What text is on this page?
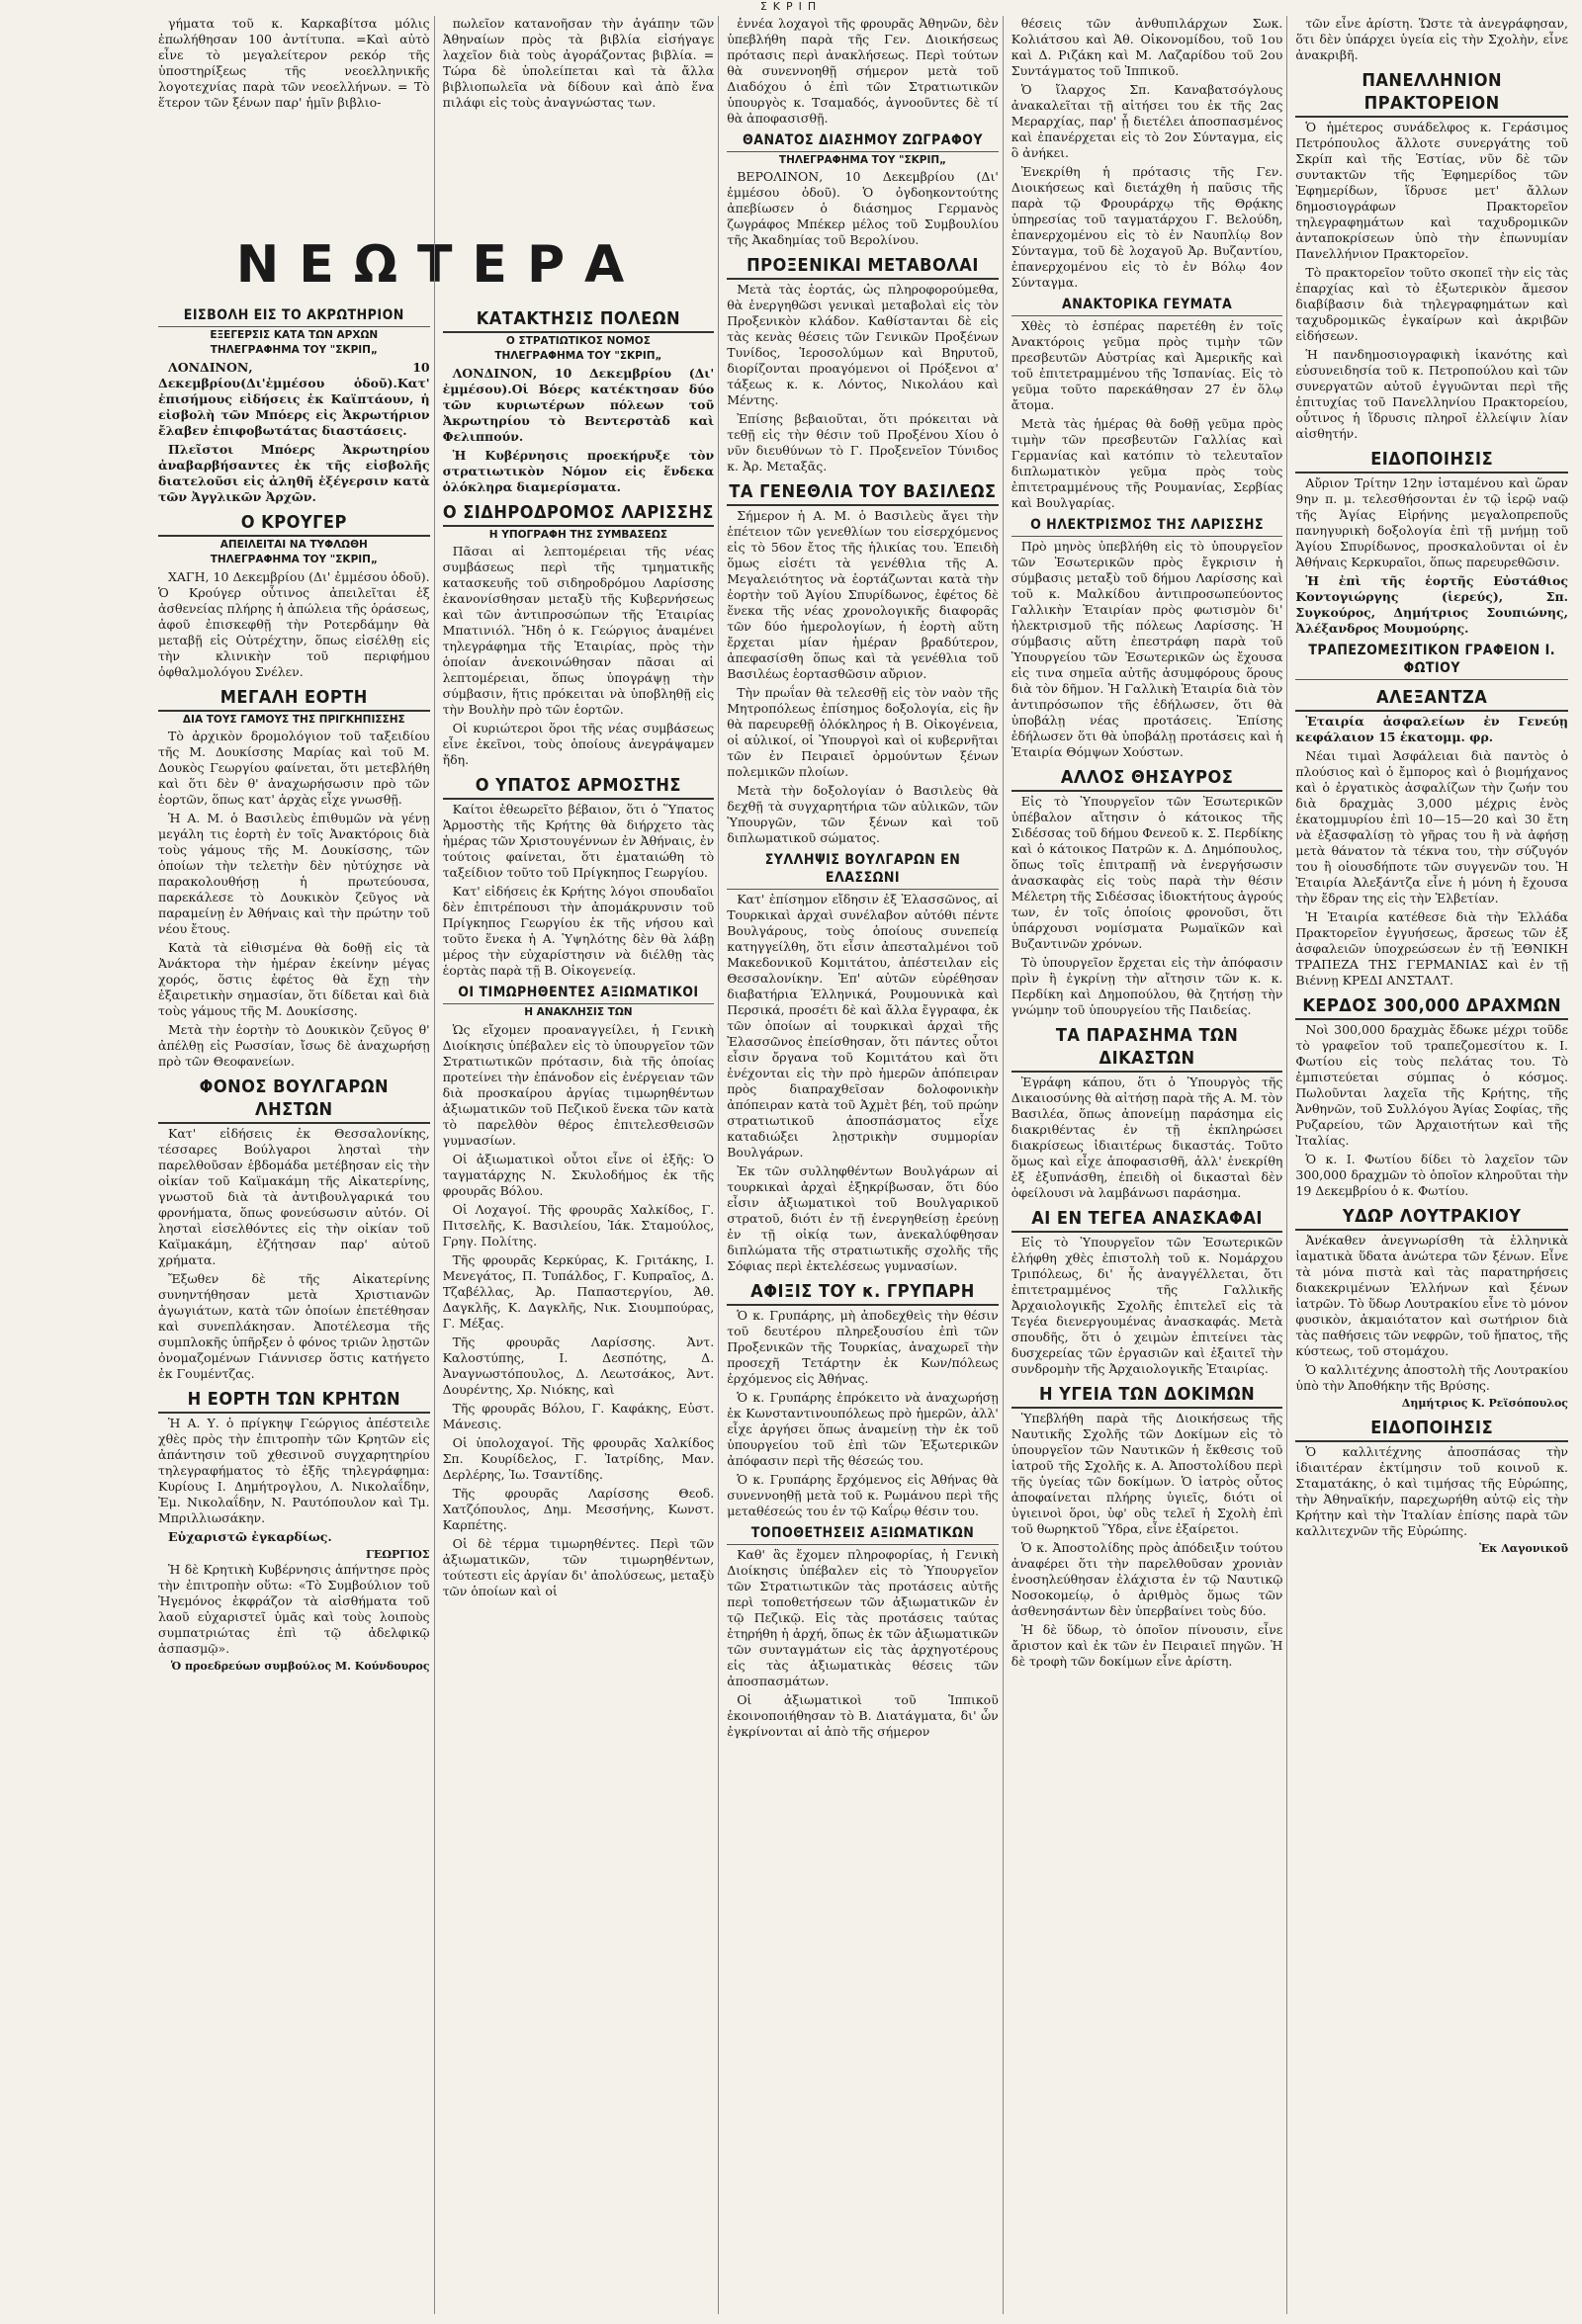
ΣΚΡΙΠ
ΝΕΩΤΕΡΑ

γήματα τοῦ κ. Καρκαβίτσα μόλις ἐπωλήθησαν 100 ἀντίτυπα. =Καὶ αὐτὸ εἶνε τὸ μεγαλείτερον ρεκόρ τῆς ὑποστηρίξεως τῆς νεοελληνικῆς λογοτεχνίας παρὰ τῶν νεοελλήνων. = Τὸ ἕτερον τῶν ξένων παρ' ἡμῖν βιβλιο-

ΕΙΣΒΟΛΗ ΕΙΣ ΤΟ ΑΚΡΩΤΗΡΙΟΝ
ΕΞΕΓΕΡΣΙΣ ΚΑΤΑ ΤΩΝ ΑΡΧΩΝ
ΤΗΛΕΓΡΑΦΗΜΑ ΤΟΥ "ΣΚΡΙΠ„

ΛΟΝΔΙΝΟΝ, 10 Δεκεμβρίου(Δι'ἐμμέσου ὁδοῦ).Κατ' ἐπισήμους εἰδήσεις ἐκ Καϊπτάουν, ἡ εἰσβολὴ τῶν Μπόερς εἰς Ἀκρωτήριον ἔλαβεν ἐπιφοβωτάτας διαστάσεις.

Πλεῖστοι Μπόερς Ἀκρωτηρίου ἀναβαρβήσαντες ἐκ τῆς εἰσβολῆς διατελοῦσι εἰς ἀληθῆ ἐξέγερσιν κατὰ τῶν Ἀγγλικῶν Ἀρχῶν.

Ο ΚΡΟΥΓΕΡ
ΑΠΕΙΛΕΙΤΑΙ ΝΑ ΤΥΦΛΩΘΗ
ΤΗΛΕΓΡΑΦΗΜΑ ΤΟΥ "ΣΚΡΙΠ„

ΧΑΓΗ, 10 Δεκεμβρίου (Δι' ἐμμέσου ὁδοῦ). Ὁ Κρούγερ οὗτινος ἀπειλεῖται ἐξ ἀσθενείας πλήρης ἡ ἀπώλεια τῆς ὁράσεως, ἀφοῦ ἐπισκεφθῇ τὴν Ροτερδάμην θὰ μεταβῇ εἰς Οὐτρέχτην, ὅπως εἰσέλθῃ εἰς τὴν κλινικὴν τοῦ περιφήμου ὀφθαλμολόγου Σνέλεν.

ΜΕΓΑΛΗ ΕΟΡΤΗ
ΔΙΑ ΤΟΥΣ ΓΑΜΟΥΣ ΤΗΣ ΠΡΙΓΚΗΠΙΣΣΗΣ

Τὸ ἀρχικὸν δρομολόγιον τοῦ ταξειδίου τῆς Μ. Δουκίσσης Μαρίας καὶ τοῦ Μ. Δουκὸς Γεωργίου φαίνεται, ὅτι μετεβλήθη καὶ ὅτι δὲν θ' ἀναχωρήσωσιν πρὸ τῶν ἑορτῶν, ὅπως κατ' ἀρχὰς εἶχε γνωσθῇ.

Ἡ Α. Μ. ὁ Βασιλεὺς ἐπιθυμῶν νὰ γένῃ μεγάλη τις ἑορτὴ ἐν τοῖς Ἀνακτόροις διὰ τοὺς γάμους τῆς Μ. Δουκίσσης, τῶν ὁποίων τὴν τελετὴν δὲν ηὐτύχησε νὰ παρακολουθήσῃ ἡ πρωτεύουσα, παρεκάλεσε τὸ Δουκικὸν ζεῦγος νὰ παραμείνῃ ἐν Ἀθήναις καὶ τὴν πρώτην τοῦ νέου ἔτους.

Κατὰ τὰ εἰθισμένα θὰ δοθῇ εἰς τὰ Ἀνάκτορα τὴν ἡμέραν ἐκείνην μέγας χορός, ὅστις ἐφέτος θὰ ἔχῃ τὴν ἐξαιρετικὴν σημασίαν, ὅτι δίδεται καὶ διὰ τοὺς γάμους τῆς Μ. Δουκίσσης.

Μετὰ τὴν ἑορτὴν τὸ Δουκικὸν ζεῦγος θ' ἀπέλθῃ εἰς Ρωσσίαν, ἴσως δὲ ἀναχωρήσῃ πρὸ τῶν Θεοφανείων.

ΦΟΝΟΣ ΒΟΥΛΓΑΡΩΝ ΛΗΣΤΩΝ

Κατ' εἰδήσεις ἐκ Θεσσαλονίκης, τέσσαρες Βούλγαροι λησταὶ τὴν παρελθοῦσαν ἑβδομάδα μετέβησαν εἰς τὴν οἰκίαν τοῦ Καϊμακάμη τῆς Αἰκατερίνης, γνωστοῦ διὰ τὰ ἀντιβουλγαρικά του φρονήματα, ὅπως φονεύσωσιν αὐτόν. Οἱ λησταὶ εἰσελθόντες εἰς τὴν οἰκίαν τοῦ Καϊμακάμη, ἐζήτησαν παρ' αὐτοῦ χρήματα.

Ἔξωθεν δὲ τῆς Αἰκατερίνης συνηντήθησαν μετὰ Χριστιανῶν ἀγωγιάτων, κατὰ τῶν ὁποίων ἐπετέθησαν καὶ συνεπλάκησαν. Ἀποτέλεσμα τῆς συμπλοκῆς ὑπῆρξεν ὁ φόνος τριῶν λῃστῶν ὀνομαζομένων Γιάννισερ ὅστις κατήγετο ἐκ Γουμέντζας.

Η ΕΟΡΤΗ ΤΩΝ ΚΡΗΤΩΝ

Ἡ Α. Υ. ὁ πρίγκηψ Γεώργιος ἀπέστειλε χθὲς πρὸς τὴν ἐπιτροπὴν τῶν Κρητῶν εἰς ἀπάντησιν τοῦ χθεσινοῦ συγχαρητηρίου τηλεγραφήματος τὸ ἑξῆς τηλεγράφημα: Κυρίους Ι. Δημήτρογλου, Λ. Νικολαΐδην, Ἐμ. Νικολαΐδην, Ν. Ραυτόπουλον καὶ Τμ. Μπριλλιωσάκην.

Εὐχαριστῶ ἐγκαρδίως.

ΓΕΩΡΓΙΟΣ

Ἡ δὲ Κρητικὴ Κυβέρνησις ἀπήντησε πρὸς τὴν ἐπιτροπὴν οὕτω: «Τὸ Συμβούλιον τοῦ Ἡγεμόνος ἐκφράζον τὰ αἰσθήματα τοῦ λαοῦ εὐχαριστεῖ ὑμᾶς καὶ τοὺς λοιποὺς συμπατριώτας ἐπὶ τῷ ἀδελφικῷ ἀσπασμῷ».

Ὁ προεδρεύων συμβούλος Μ. Κούνδουρος

πωλεῖον κατανοῆσαν τὴν ἀγάπην τῶν Ἀθηναίων πρὸς τὰ βιβλία εἰσήγαγε λαχεῖον διὰ τοὺς ἀγοράζοντας βιβλία. = Τώρα δὲ ὑπολείπεται καὶ τὰ ἄλλα βιβλιοπωλεῖα νὰ δίδουν καὶ ἀπὸ ἕνα πιλάφι εἰς τοὺς ἀναγνώστας των.

ΚΑΤΑΚΤΗΣΙΣ ΠΟΛΕΩΝ
Ο ΣΤΡΑΤΙΩΤΙΚΟΣ ΝΟΜΟΣ
ΤΗΛΕΓΡΑΦΗΜΑ ΤΟΥ "ΣΚΡΙΠ„

ΛΟΝΔΙΝΟΝ, 10 Δεκεμβρίου (Δι' ἐμμέσου).Οἱ Βόερς κατέκτησαν δύο τῶν κυριωτέρων πόλεων τοῦ Ἀκρωτηρίου τὸ Βεντερστὰδ καὶ Φελιππούν.

Ἡ Κυβέρνησις προεκήρυξε τὸν στρατιωτικὸν Νόμον εἰς ἕνδεκα ὁλόκληρα διαμερίσματα.

Ο ΣΙΔΗΡΟΔΡΟΜΟΣ ΛΑΡΙΣΣΗΣ
Η ΥΠΟΓΡΑΦΗ ΤΗΣ ΣΥΜΒΑΣΕΩΣ

Πᾶσαι αἱ λεπτομέρειαι τῆς νέας συμβάσεως περὶ τῆς τμηματικῆς κατασκευῆς τοῦ σιδηροδρόμου Λαρίσσης ἐκανονίσθησαν μεταξὺ τῆς Κυβερνήσεως καὶ τῶν ἀντιπροσώπων τῆς Ἑταιρίας Μπατινιόλ. Ἤδη ὁ κ. Γεώργιος ἀναμένει τηλεγράφημα τῆς Ἑταιρίας, πρὸς τὴν ὁποίαν ἀνεκοινώθησαν πᾶσαι αἱ λεπτομέρειαι, ὅπως ὑπογράψῃ τὴν σύμβασιν, ἥτις πρόκειται νὰ ὑποβληθῇ εἰς τὴν Βουλὴν πρὸ τῶν ἑορτῶν.

Οἱ κυριώτεροι ὅροι τῆς νέας συμβάσεως εἶνε ἐκεῖνοι, τοὺς ὁποίους ἀνεγράψαμεν ἤδη.

Ο ΥΠΑΤΟΣ ΑΡΜΟΣΤΗΣ

Καίτοι ἐθεωρεῖτο βέβαιον, ὅτι ὁ Ὕπατος Ἁρμοστὴς τῆς Κρήτης θὰ διήρχετο τὰς ἡμέρας τῶν Χριστουγέννων ἐν Ἀθήναις, ἐν τούτοις φαίνεται, ὅτι ἐματαιώθη τὸ ταξείδιον τοῦτο τοῦ Πρίγκηπος Γεωργίου.

Κατ' εἰδήσεις ἐκ Κρήτης λόγοι σπουδαῖοι δὲν ἐπιτρέπουσι τὴν ἀπομάκρυνσιν τοῦ Πρίγκηπος Γεωργίου ἐκ τῆς νήσου καὶ τοῦτο ἕνεκα ἡ Α. Ὑψηλότης δὲν θὰ λάβῃ μέρος τὴν εὐχαρίστησιν νὰ διέλθῃ τὰς ἑορτὰς παρὰ τῇ Β. Οἰκογενείᾳ.

ΟΙ ΤΙΜΩΡΗΘΕΝΤΕΣ ΑΞΙΩΜΑΤΙΚΟΙ
Η ΑΝΑΚΛΗΣΙΣ ΤΩΝ

Ὡς εἴχομεν προαναγγείλει, ἡ Γενικὴ Διοίκησις ὑπέβαλεν εἰς τὸ ὑπουργεῖον τῶν Στρατιωτικῶν πρότασιν, διὰ τῆς ὁποίας προτείνει τὴν ἐπάνοδον εἰς ἐνέργειαν τῶν διὰ προσκαίρου ἀργίας τιμωρηθέντων ἀξιωματικῶν τοῦ Πεζικοῦ ἕνεκα τῶν κατὰ τὸ παρελθὸν θέρος ἐπιτελεσθεισῶν γυμνασίων.

Οἱ ἀξιωματικοὶ οὗτοι εἶνε οἱ ἑξῆς: Ὁ ταγματάρχης Ν. Σκυλοδήμος ἐκ τῆς φρουρᾶς Βόλου.

Οἱ Λοχαγοί. Τῆς φρουρᾶς Χαλκίδος, Γ. Πιτσελῆς, Κ. Βασιλείου, Ἰάκ. Σταμούλος, Γρηγ. Πολίτης.

Τῆς φρουρᾶς Κερκύρας, Κ. Γριτάκης, Ι. Μενεγάτος, Π. Τυπάλδος, Γ. Κυπραῖος, Δ. Τζαβέλλας, Ἀρ. Παπαστεργίου, Ἀθ. Δαγκλῆς, Κ. Δαγκλῆς, Νικ. Σιουμπούρας, Γ. Μέξας.

Τῆς φρουρᾶς Λαρίσσης. Ἀντ. Καλοστύπης, Ι. Δεσπότης, Δ. Ἀναγνωστόπουλος, Δ. Λεωτσάκος, Ἀντ. Δουρέντης, Χρ. Νιόκης, καὶ

Τῆς φρουρᾶς Βόλου, Γ. Καφάκης, Εὐστ. Μάνεσις.

Οἱ ὑπολοχαγοί. Τῆς φρουρᾶς Χαλκίδος Σπ. Κουρίδελος, Γ. Ἰατρίδης, Μαν. Δερλέρης, Ἰω. Τσαντίδης.

Τῆς φρουρᾶς Λαρίσσης Θεοδ. Χατζόπουλος, Δημ. Μεσσήνης, Κωνστ. Καρπέτης.

Οἱ δὲ τέρμα τιμωρηθέντες. Περὶ τῶν ἀξιωματικῶν, τῶν τιμωρηθέντων, τούτεστι εἰς ἀργίαν δι' ἀπολύσεως, μεταξὺ τῶν ὁποίων καὶ οἱ

ἐννέα λοχαγοὶ τῆς φρουρᾶς Ἀθηνῶν, δὲν ὑπεβλήθη παρὰ τῆς Γεν. Διοικήσεως πρότασις περὶ ἀνακλήσεως. Περὶ τούτων θὰ συνεννοηθῇ σήμερον μετὰ τοῦ Διαδόχου ὁ ἐπὶ τῶν Στρατιωτικῶν ὑπουργὸς κ. Τσαμαδός, ἀγνοοῦντες δὲ τί θὰ ἀποφασισθῇ.

ΘΑΝΑΤΟΣ ΔΙΑΣΗΜΟΥ ΖΩΓΡΑΦΟΥ
ΤΗΛΕΓΡΑΦΗΜΑ ΤΟΥ "ΣΚΡΙΠ„

ΒΕΡΟΛΙΝΟΝ, 10 Δεκεμβρίου (Δι' ἐμμέσου ὁδοῦ). Ὁ ὀγδοηκοντούτης ἀπεβίωσεν ὁ διάσημος Γερμανὸς ζωγράφος Μπέκερ μέλος τοῦ Συμβουλίου τῆς Ἀκαδημίας τοῦ Βερολίνου.

ΠΡΟΞΕΝΙΚΑΙ ΜΕΤΑΒΟΛΑΙ

Μετὰ τὰς ἑορτάς, ὡς πληροφορούμεθα, θὰ ἐνεργηθῶσι γενικαὶ μεταβολαὶ εἰς τὸν Προξενικὸν κλάδον. Καθίστανται δὲ εἰς τὰς κενὰς θέσεις τῶν Γενικῶν Προξένων Τυνίδος, Ἱεροσολύμων καὶ Βηρυτοῦ, διορίζονται προαγόμενοι οἱ Πρόξενοι α' τάξεως κ. κ. Λόντος, Νικολάου καὶ Μέντης.

Ἐπίσης βεβαιοῦται, ὅτι πρόκειται νὰ τεθῇ εἰς τὴν θέσιν τοῦ Προξένου Χίου ὁ νῦν διευθύνων τὸ Γ. Προξενεῖον Τύνιδος κ. Ἀρ. Μεταξᾶς.

ΤΑ ΓΕΝΕΘΛΙΑ ΤΟΥ ΒΑΣΙΛΕΩΣ

Σήμερον ἡ Α. Μ. ὁ Βασιλεὺς ἄγει τὴν ἑπέτειον τῶν γενεθλίων του εἰσερχόμενος εἰς τὸ 56ον ἔτος τῆς ἡλικίας του. Ἐπειδὴ ὅμως εἰσέτι τὰ γενέθλια τῆς Α. Μεγαλειότητος νὰ ἑορτάζωνται κατὰ τὴν ἑορτὴν τοῦ Ἁγίου Σπυρίδωνος, ἐφέτος δὲ ἕνεκα τῆς νέας χρονολογικῆς διαφορᾶς τῶν δύο ἡμερολογίων, ἡ ἑορτὴ αὕτη ἔρχεται μίαν ἡμέραν βραδύτερον, ἀπεφασίσθη ὅπως καὶ τὰ γενέθλια τοῦ Βασιλέως ἑορτασθῶσιν αὔριον.

Τὴν πρωΐαν θὰ τελεσθῇ εἰς τὸν ναὸν τῆς Μητροπόλεως ἐπίσημος δοξολογία, εἰς ἣν θὰ παρευρεθῇ ὁλόκληρος ἡ Β. Οἰκογένεια, οἱ αὐλικοί, οἱ Ὑπουργοὶ καὶ οἱ κυβερνῆται τῶν ἐν Πειραιεῖ ὁρμούντων ξένων πολεμικῶν πλοίων.

Μετὰ τὴν δοξολογίαν ὁ Βασιλεὺς θὰ δεχθῇ τὰ συγχαρητήρια τῶν αὐλικῶν, τῶν Ὑπουργῶν, τῶν ξένων καὶ τοῦ διπλωματικοῦ σώματος.

ΣΥΛΛΗΨΙΣ ΒΟΥΛΓΑΡΩΝ ΕΝ ΕΛΑΣΣΩΝΙ

Κατ' ἐπίσημον εἴδησιν ἐξ Ἐλασσῶνος, αἱ Τουρκικαὶ ἀρχαὶ συνέλαβον αὐτόθι πέντε Βουλγάρους, τοὺς ὁποίους συνεπείᾳ κατηγγείλθη, ὅτι εἶσιν ἀπεσταλμένοι τοῦ Μακεδονικοῦ Κομιτάτου, ἀπέστειλαν εἰς Θεσσαλονίκην. Ἐπ' αὐτῶν εὑρέθησαν διαβατήρια Ἑλληνικά, Ρουμουνικὰ καὶ Περσικά, προσέτι δὲ καὶ ἄλλα ἔγγραφα, ἐκ τῶν ὁποίων αἱ τουρκικαὶ ἀρχαὶ τῆς Ἐλασσῶνος ἐπείσθησαν, ὅτι πάντες οὗτοι εἶσιν ὄργανα τοῦ Κομιτάτου καὶ ὅτι ἐνέχονται εἰς τὴν πρὸ ἡμερῶν ἀπόπειραν πρὸς διαπραχθεῖσαν δολοφονικὴν ἀπόπειραν κατὰ τοῦ Ἀχμὲτ βέη, τοῦ πρώην στρατιωτικοῦ ἀποσπάσματος εἶχε καταδιώξει λῃστρικὴν συμμορίαν Βουλγάρων.

Ἐκ τῶν συλληφθέντων Βουλγάρων αἱ τουρκικαὶ ἀρχαὶ ἐξηκρίβωσαν, ὅτι δύο εἶσιν ἀξιωματικοὶ τοῦ Βουλγαρικοῦ στρατοῦ, διότι ἐν τῇ ἐνεργηθείσῃ ἐρεύνῃ ἐν τῇ οἰκίᾳ των, ἀνεκαλύφθησαν διπλώματα τῆς στρατιωτικῆς σχολῆς τῆς Σόφιας περὶ ἐκτελέσεως γυμνασίων.

ΑΦΙΞΙΣ ΤΟΥ κ. ΓΡΥΠΑΡΗ

Ὁ κ. Γρυπάρης, μὴ ἀποδεχθεὶς τὴν θέσιν τοῦ δευτέρου πληρεξουσίου ἐπὶ τῶν Προξενικῶν τῆς Τουρκίας, ἀναχωρεῖ τὴν προσεχῆ Τετάρτην ἐκ Κων/πόλεως ἐρχόμενος εἰς Ἀθήνας.

Ὁ κ. Γρυπάρης ἐπρόκειτο νὰ ἀναχωρήσῃ ἐκ Κωνσταντινουπόλεως πρὸ ἡμερῶν, ἀλλ' εἶχε ἀργήσει ὅπως ἀναμείνῃ τὴν ἐκ τοῦ ὑπουργείου τοῦ ἐπὶ τῶν Ἐξωτερικῶν ἀπόφασιν περὶ τῆς θέσεώς του.

Ὁ κ. Γρυπάρης ἔρχόμενος εἰς Ἀθήνας θὰ συνεννοηθῇ μετὰ τοῦ κ. Ρωμάνου περὶ τῆς μεταθέσεώς του ἐν τῷ Καΐρῳ θέσιν του.

ΤΟΠΟΘΕΤΗΣΕΙΣ ΑΞΙΩΜΑΤΙΚΩΝ

Καθ' ἃς ἔχομεν πληροφορίας, ἡ Γενικὴ Διοίκησις ὑπέβαλεν εἰς τὸ Ὑπουργεῖον τῶν Στρατιωτικῶν τὰς προτάσεις αὐτῆς περὶ τοποθετήσεων τῶν ἀξιωματικῶν ἐν τῷ Πεζικῷ. Εἰς τὰς προτάσεις ταύτας ἐτηρήθη ἡ ἀρχή, ὅπως ἐκ τῶν ἀξιωματικῶν τῶν συνταγμάτων εἰς τὰς ἀρχηγοτέρους εἰς τὰς ἀξιωματικὰς θέσεις τῶν ἀποσπασμάτων.

Οἱ ἀξιωματικοὶ τοῦ Ἱππικοῦ ἐκοινοποιήθησαν τὸ Β. Διατάγματα, δι' ὧν ἐγκρίνονται αἱ ἀπὸ τῆς σήμερον

θέσεις τῶν ἀνθυπιλάρχων Σωκ. Κολιάτσου καὶ Ἀθ. Οἰκονομίδου, τοῦ 1ου καὶ Δ. Ριζάκη καὶ Μ. Λαζαρίδου τοῦ 2ου Συντάγματος τοῦ Ἱππικοῦ.

Ὁ ἴλαρχος Σπ. Καναβατσόγλους ἀνακαλεῖται τῇ αἰτήσει του ἐκ τῆς 2ας Μεραρχίας, παρ' ᾗ διετέλει ἀποσπασμένος καὶ ἐπανέρχεται εἰς τὸ 2ον Σύνταγμα, εἰς ὃ ἀνήκει.

Ἐνεκρίθη ἡ πρότασις τῆς Γεν. Διοικήσεως καὶ διετάχθη ἡ παῦσις τῆς παρὰ τῷ Φρουράρχῳ τῆς Θρᾴκης ὑπηρεσίας τοῦ ταγματάρχου Γ. Βελούδη, ἐπανερχομένου εἰς τὸ ἐν Ναυπλίῳ 8ον Σύνταγμα, τοῦ δὲ λοχαγοῦ Ἀρ. Βυζαντίου, ἐπανερχομένου εἰς τὸ ἐν Βόλῳ 4ον Σύνταγμα.

ΑΝΑΚΤΟΡΙΚΑ ΓΕΥΜΑΤΑ

Χθὲς τὸ ἑσπέρας παρετέθη ἐν τοῖς Ἀνακτόροις γεῦμα πρὸς τιμὴν τῶν πρεσβευτῶν Αὐστρίας καὶ Ἀμερικῆς καὶ τοῦ ἐπιτετραμμένου τῆς Ἰσπανίας. Εἰς τὸ γεῦμα τοῦτο παρεκάθησαν 27 ἐν ὅλῳ ἄτομα.

Μετὰ τὰς ἡμέρας θὰ δοθῇ γεῦμα πρὸς τιμὴν τῶν πρεσβευτῶν Γαλλίας καὶ Γερμανίας καὶ κατόπιν τὸ τελευταῖον διπλωματικὸν γεῦμα πρὸς τοὺς ἐπιτετραμμένους τῆς Ρουμανίας, Σερβίας καὶ Βουλγαρίας.

Ο ΗΛΕΚΤΡΙΣΜΟΣ ΤΗΣ ΛΑΡΙΣΣΗΣ

Πρὸ μηνὸς ὑπεβλήθη εἰς τὸ ὑπουργεῖον τῶν Ἐσωτερικῶν πρὸς ἔγκρισιν ἡ σύμβασις μεταξὺ τοῦ δήμου Λαρίσσης καὶ τοῦ κ. Μαλκίδου ἀντιπροσωπεύοντος Γαλλικὴν Ἑταιρίαν πρὸς φωτισμὸν δι' ἠλεκτρισμοῦ τῆς πόλεως Λαρίσσης. Ἡ σύμβασις αὕτη ἐπεστράφη παρὰ τοῦ Ὑπουργείου τῶν Ἐσωτερικῶν ὡς ἔχουσα εἰς τινα σημεῖα αὐτῆς ἀσυμφόρους ὅρους διὰ τὸν δῆμον. Ἡ Γαλλικὴ Ἑταιρία διὰ τὸν ἀντιπρόσωπον τῆς ἐδήλωσεν, ὅτι θὰ ὑποβάλῃ νέας προτάσεις. Ἐπίσης ἐδήλωσεν ὅτι θὰ ὑποβάλῃ προτάσεις καὶ ἡ Ἑταιρία Θόμψων Χούστων.

ΑΛΛΟΣ ΘΗΣΑΥΡΟΣ

Εἰς τὸ Ὑπουργεῖον τῶν Ἐσωτερικῶν ὑπέβαλον αἴτησιν ὁ κάτοικος τῆς Σιδέσσας τοῦ δήμου Φενεοῦ κ. Σ. Περδίκης καὶ ὁ κάτοικος Πατρῶν κ. Δ. Δημόπουλος, ὅπως τοῖς ἐπιτραπῇ νὰ ἐνεργήσωσιν ἀνασκαφὰς εἰς τοὺς παρὰ τὴν θέσιν Μέλετρη τῆς Σιδέσσας ἰδιοκτήτους ἀγρούς των, ἐν τοῖς ὁποίοις φρονοῦσι, ὅτι ὑπάρχουσι νομίσματα Ρωμαϊκῶν καὶ Βυζαντινῶν χρόνων.

Τὸ ὑπουργεῖον ἔρχεται εἰς τὴν ἀπόφασιν πρὶν ἢ ἐγκρίνῃ τὴν αἴτησιν τῶν κ. κ. Περδίκη καὶ Δημοπούλου, θὰ ζητήσῃ τὴν γνώμην τοῦ ὑπουργείου τῆς Παιδείας.

ΤΑ ΠΑΡΑΣΗΜΑ ΤΩΝ ΔΙΚΑΣΤΩΝ

Ἐγράφη κάπου, ὅτι ὁ Ὑπουργὸς τῆς Δικαιοσύνης θὰ αἰτήσῃ παρὰ τῆς Α. Μ. τὸν Βασιλέα, ὅπως ἀπονείμῃ παράσημα εἰς διακριθέντας ἐν τῇ ἐκπληρώσει διακρίσεως ἰδιαιτέρως δικαστάς. Τοῦτο ὅμως καὶ εἶχε ἀποφασισθῆ, ἀλλ' ἐνεκρίθη ἐξ ἐξυπνάσθη, ἐπειδὴ οἱ δικασταὶ δὲν ὀφείλουσι νὰ λαμβάνωσι παράσημα.

ΑΙ ΕΝ ΤΕΓΕΑ ΑΝΑΣΚΑΦΑΙ

Εἰς τὸ Ὑπουργεῖον τῶν Ἐσωτερικῶν ἐλήφθη χθὲς ἐπιστολὴ τοῦ κ. Νομάρχου Τριπόλεως, δι' ἧς ἀναγγέλλεται, ὅτι ἐπιτετραμμένος τῆς Γαλλικῆς Ἀρχαιολογικῆς Σχολῆς ἐπιτελεῖ εἰς τὰ Τεγέα διενεργουμένας ἀνασκαφάς. Μετὰ σπουδῆς, ὅτι ὁ χειμὼν ἐπιτείνει τὰς δυσχερείας τῶν ἐργασιῶν καὶ ἐξαιτεῖ τὴν συνδρομὴν τῆς Ἀρχαιολογικῆς Ἑταιρίας.

Η ΥΓΕΙΑ ΤΩΝ ΔΟΚΙΜΩΝ

Ὑπεβλήθη παρὰ τῆς Διοικήσεως τῆς Ναυτικῆς Σχολῆς τῶν Δοκίμων εἰς τὸ ὑπουργεῖον τῶν Ναυτικῶν ἡ ἔκθεσις τοῦ ἰατροῦ τῆς Σχολῆς κ. Α. Ἀποστολίδου περὶ τῆς ὑγείας τῶν δοκίμων. Ὁ ἰατρὸς οὗτος ἀποφαίνεται πλήρης ὑγιεῖς, διότι οἱ ὑγιεινοὶ ὅροι, ὑφ' οὓς τελεῖ ἡ Σχολὴ ἐπὶ τοῦ θωρηκτοῦ Ὕδρα, εἶνε ἐξαίρετοι.

Ὁ κ. Ἀποστολίδης πρὸς ἀπόδειξιν τούτου ἀναφέρει ὅτι τὴν παρελθοῦσαν χρονιὰν ἐνοσηλεύθησαν ἐλάχιστα ἐν τῷ Ναυτικῷ Νοσοκομείῳ, ὁ ἀριθμὸς ὅμως τῶν ἀσθενησάντων δὲν ὑπερβαίνει τοὺς δύο.

Ἡ δὲ ὕδωρ, τὸ ὁποῖον πίνουσιν, εἶνε ἄριστον καὶ ἐκ τῶν ἐν Πειραιεῖ πηγῶν. Ἡ δὲ τροφὴ τῶν δοκίμων εἶνε ἀρίστη.

τῶν εἶνε ἀρίστη. Ὥστε τὰ ἀνεγράφησαν, ὅτι δὲν ὑπάρχει ὑγεία εἰς τὴν Σχολὴν, εἶνε ἀνακριβῆ.

ΠΑΝΕΛΛΗΝΙΟΝ ΠΡΑΚΤΟΡΕΙΟΝ

Ὁ ἡμέτερος συνάδελφος κ. Γεράσιμος Πετρόπουλος ἄλλοτε συνεργάτης τοῦ Σκρίπ καὶ τῆς Ἑστίας, νῦν δὲ τῶν συντακτῶν τῆς Ἐφημερίδος τῶν Ἐφημερίδων, ἵδρυσε μετ' ἄλλων δημοσιογράφων Πρακτορεῖον τηλεγραφημάτων καὶ ταχυδρομικῶν ἀνταποκρίσεων ὑπὸ τὴν ἐπωνυμίαν Πανελλήνιον Πρακτορεῖον.

Τὸ πρακτορεῖον τοῦτο σκοπεῖ τὴν εἰς τὰς ἐπαρχίας καὶ τὸ ἐξωτερικὸν ἄμεσον διαβίβασιν διὰ τηλεγραφημάτων καὶ ταχυδρομικῶς ἐγκαίρων καὶ ἀκριβῶν εἰδήσεων.

Ἡ πανδημοσιογραφικὴ ἱκανότης καὶ εὐσυνειδησία τοῦ κ. Πετροπούλου καὶ τῶν συνεργατῶν αὐτοῦ ἐγγυῶνται περὶ τῆς ἐπιτυχίας τοῦ Πανελληνίου Πρακτορείου, οὗτινος ἡ ἵδρυσις πληροῖ ἐλλείψιν λίαν αἰσθητήν.

ΕΙΔΟΠΟΙΗΣΙΣ

Αὔριον Τρίτην 12ην ἱσταμένου καὶ ὥραν 9ην π. μ. τελεσθήσονται ἐν τῷ ἱερῷ ναῷ τῆς Ἁγίας Εἰρήνης μεγαλοπρεποῦς πανηγυρικὴ δοξολογία ἐπὶ τῇ μνήμῃ τοῦ Ἁγίου Σπυρίδωνος, προσκαλοῦνται οἱ ἐν Ἀθήναις Κερκυραῖοι, ὅπως παρευρεθῶσιν.

Ἡ ἐπὶ τῆς ἑορτῆς Εὐστάθιος Κοντογιώργης (ἱερεύς), Σπ. Συγκούρος, Δημήτριος Σουπιώνης, Ἀλέξανδρος Μουμούρης.

ΤΡΑΠΕΖΟΜΕΣΙΤΙΚΟΝ ΓΡΑΦΕΙΟΝ Ι. ΦΩΤΙΟΥ
ΑΛΕΞΑΝΤΖΑ

Ἑταιρία ἀσφαλείων ἐν Γενεύῃ κεφάλαιον 15 ἑκατομμ. φρ.

Νέαι τιμαὶ Ἀσφάλειαι διὰ παντὸς ὁ πλούσιος καὶ ὁ ἔμπορος καὶ ὁ βιομήχανος καὶ ὁ ἐργατικὸς ἀσφαλίζων τὴν ζωήν του διὰ δραχμὰς 3,000 μέχρις ἑνὸς ἑκατομμυρίου ἐπὶ 10—15—20 καὶ 30 ἔτη νὰ ἐξασφαλίσῃ τὸ γῆρας του ἢ νὰ ἀφήσῃ μετὰ θάνατον τὰ τέκνα του, τὴν σύζυγόν του ἢ οἱουσδήποτε τῶν συγγενῶν του. Ἡ Ἑταιρία Ἀλεξάντζα εἶνε ἡ μόνη ἡ ἔχουσα τὴν ἔδραν της εἰς τὴν Ἑλβετίαν.

Ἡ Ἑταιρία κατέθεσε διὰ τὴν Ἑλλάδα Πρακτορεῖον ἐγγυήσεως, ἄρσεως τῶν ἐξ ἀσφαλειῶν ὑποχρεώσεων ἐν τῇ ἘΘΝΙΚΗ ΤΡΑΠΕΖΑ ΤΗΣ ΓΕΡΜΑΝΙΑΣ καὶ ἐν τῇ Βιέννῃ ΚΡΕΔΙ ΑΝΣΤΑΛΤ.

ΚΕΡΔΟΣ 300,000 ΔΡΑΧΜΩΝ

Νοὶ 300,000 δραχμὰς ἔδωκε μέχρι τοῦδε τὸ γραφεῖον τοῦ τραπεζομεσίτου κ. Ι. Φωτίου εἰς τοὺς πελάτας του. Τὸ ἐμπιστεύεται σύμπας ὁ κόσμος. Πωλοῦνται λαχεῖα τῆς Κρήτης, τῆς Ἀνθηνῶν, τοῦ Συλλόγου Ἁγίας Σοφίας, τῆς Ρυζαρείου, τῶν Ἀρχαιοτήτων καὶ τῆς Ἰταλίας.

Ὁ κ. Ι. Φωτίου δίδει τὸ λαχεῖον τῶν 300,000 δραχμῶν τὸ ὁποῖον κληροῦται τὴν 19 Δεκεμβρίου ὁ κ. Φωτίου.

ΥΔΩΡ ΛΟΥΤΡΑΚΙΟΥ

Ἀνέκαθεν ἀνεγνωρίσθη τὰ ἑλληνικὰ ἰαματικὰ ὕδατα ἀνώτερα τῶν ξένων. Εἶνε τὰ μόνα πιστὰ καὶ τὰς παρατηρήσεις διακεκριμένων Ἑλλήνων καὶ ξένων ἰατρῶν. Τὸ ὕδωρ Λουτρακίου εἶνε τὸ μόνον φυσικὸν, ἀκμαιότατον καὶ σωτήριον διὰ τὰς παθήσεις τῶν νεφρῶν, τοῦ ἥπατος, τῆς κύστεως, τοῦ στομάχου.

Ὁ καλλιτέχνης ἀποστολὴ τῆς Λουτρακίου ὑπὸ τὴν Ἀποθήκην τῆς Βρύσης.

Δημήτριος Κ. Ρεϊσόπουλος
ΕΙΔΟΠΟΙΗΣΙΣ

Ὁ καλλιτέχνης ἀποσπάσας τὴν ἱδιαιτέραν ἐκτίμησιν τοῦ κοινοῦ κ. Σταματάκης, ὁ καὶ τιμήσας τῆς Εὐρώπης, τὴν Ἀθηναϊκήν, παρεχωρήθη αὐτῷ εἰς τὴν Κρήτην καὶ τὴν Ἰταλίαν ἐπίσης παρὰ τῶν καλλιτεχνῶν τῆς Εὐρώπης.

Ἐκ Λαγονικοῦ
